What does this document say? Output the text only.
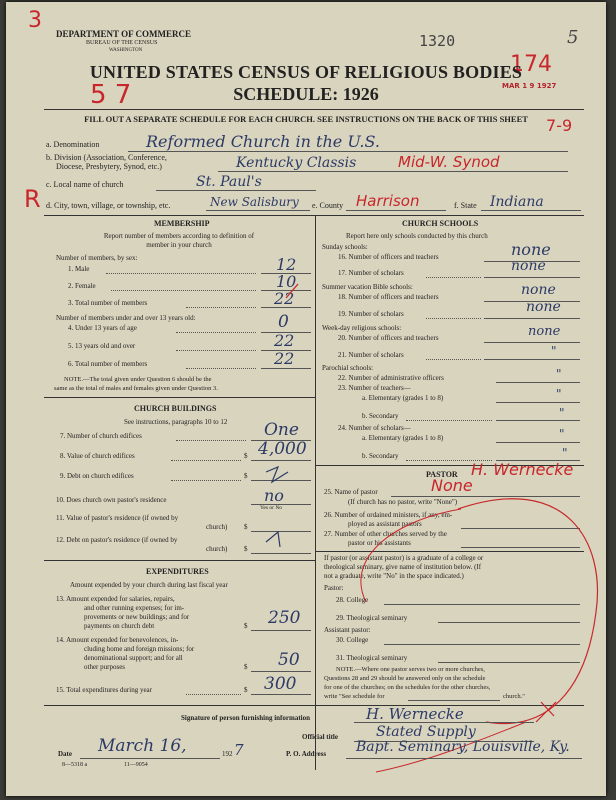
3
DEPARTMENT OF COMMERCE
BUREAU OF THE CENSUS
WASHINGTON
1320	5
174
MAR 1 9 1927
UNITED STATES CENSUS OF RELIGIOUS BODIES
SCHEDULE: 1926
5 7
FILL OUT A SEPARATE SCHEDULE FOR EACH CHURCH. SEE INSTRUCTIONS ON THE BACK OF THIS SHEET	7-9
a. Denomination	Reformed Church in the U.S.
b. Division (Association, Conference,
Diocese, Presbytery, Synod, etc.)	Kentucky Classis	Mid-W. Synod
c. Local name of church	St. Paul's
R d. City, town, village, or township, etc.	New Salisbury e. County Harrison	f. State Indiana
MEMBERSHIP
Report number of members according to definition of
member in your church
Number of members, by sex:
1. Male	12
2. Female	10
3. Total number of members	22
Number of members under and over 13 years old:
4. Under 13 years of age	0
5. 13 years old and over	22
6. Total number of members	22
NOTE.—The total given under Question 6 should be the
same as the total of males and females given under Question 3.
CHURCH BUILDINGS
See instructions, paragraphs 10 to 12
7. Number of church edifices	One
8. Value of church edifices	$ 4,000
9. Debt on church edifices	$
10. Does church own pastor's residence	no
Yes or No
11. Value of pastor's residence (if owned by
church) $
12. Debt on pastor's residence (if owned by
church) $
EXPENDITURES
Amount expended by your church during last fiscal year
13. Amount expended for salaries, repairs,
and other running expenses; for im-
provements or new buildings; and for
payments on church debt	$ 250
14. Amount expended for benevolences, in-
cluding home and foreign missions; for
denominational support; and for all
other purposes	$ 50
15. Total expenditures during year	$ 300
CHURCH SCHOOLS
Report here only schools conducted by this church
Sunday schools:
16. Number of officers and teachers	none
17. Number of scholars	none
Summer vacation Bible schools:
18. Number of officers and teachers	none
19. Number of scholars	none
Week-day religious schools:
20. Number of officers and teachers	none
21. Number of scholars	"
Parochial schools:
22. Number of administrative officers	"
23. Number of teachers—
a. Elementary (grades 1 to 8)	"
b. Secondary	"
24. Number of scholars—
a. Elementary (grades 1 to 8)	"
b. Secondary	"
PASTOR H. Wernecke
25. Name of pastor	None
(If church has no pastor, write "None")
26. Number of ordained ministers, if any, em-
ployed as assistant pastors
27. Number of other churches served by the
pastor or his assistants
If pastor (or assistant pastor) is a graduate of a college or
theological seminary, give name of institution below. (If
not a graduate, write "No" in the space indicated.)
Pastor:
28. College
29. Theological seminary
Assistant pastor:
30. College
31. Theological seminary
NOTE.—Where one pastor serves two or more churches,
Questions 28 and 29 should be answered only on the schedule
for one of the churches; on the schedules for the other churches,
write "See schedule for	church."
Signature of person furnishing information	H. Wernecke
Official title	Stated Supply
Date March 16,	192 7	P. O. Address Bapt. Seminary, Louisville, Ky.
8—5318 a	11—9054
